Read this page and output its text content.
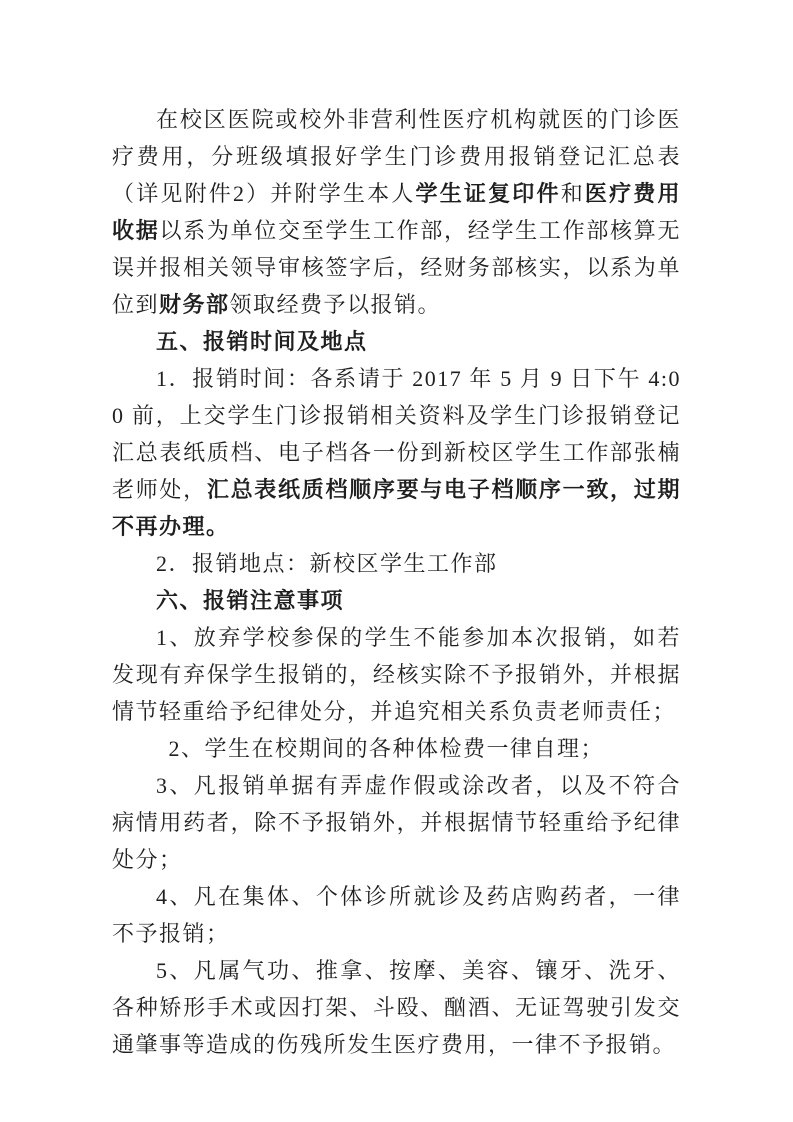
在校区医院或校外非营利性医疗机构就医的门诊医疗费用，分班级填报好学生门诊费用报销登记汇总表（详见附件2）并附学生本人学生证复印件和医疗费用收据以系为单位交至学生工作部，经学生工作部核算无误并报相关领导审核签字后，经财务部核实，以系为单位到财务部领取经费予以报销。

五、报销时间及地点

1．报销时间：各系请于 2017 年 5 月 9 日下午 4:00 前，上交学生门诊报销相关资料及学生门诊报销登记汇总表纸质档、电子档各一份到新校区学生工作部张楠老师处，汇总表纸质档顺序要与电子档顺序一致，过期不再办理。

2．报销地点：新校区学生工作部

六、报销注意事项

1、放弃学校参保的学生不能参加本次报销，如若发现有弃保学生报销的，经核实除不予报销外，并根据情节轻重给予纪律处分，并追究相关系负责老师责任；

 2、学生在校期间的各种体检费一律自理；

3、凡报销单据有弄虚作假或涂改者，以及不符合病情用药者，除不予报销外，并根据情节轻重给予纪律处分；

4、凡在集体、个体诊所就诊及药店购药者，一律不予报销；

5、凡属气功、推拿、按摩、美容、镶牙、洗牙、各种矫形手术或因打架、斗殴、酗酒、无证驾驶引发交通肇事等造成的伤残所发生医疗费用，一律不予报销。
